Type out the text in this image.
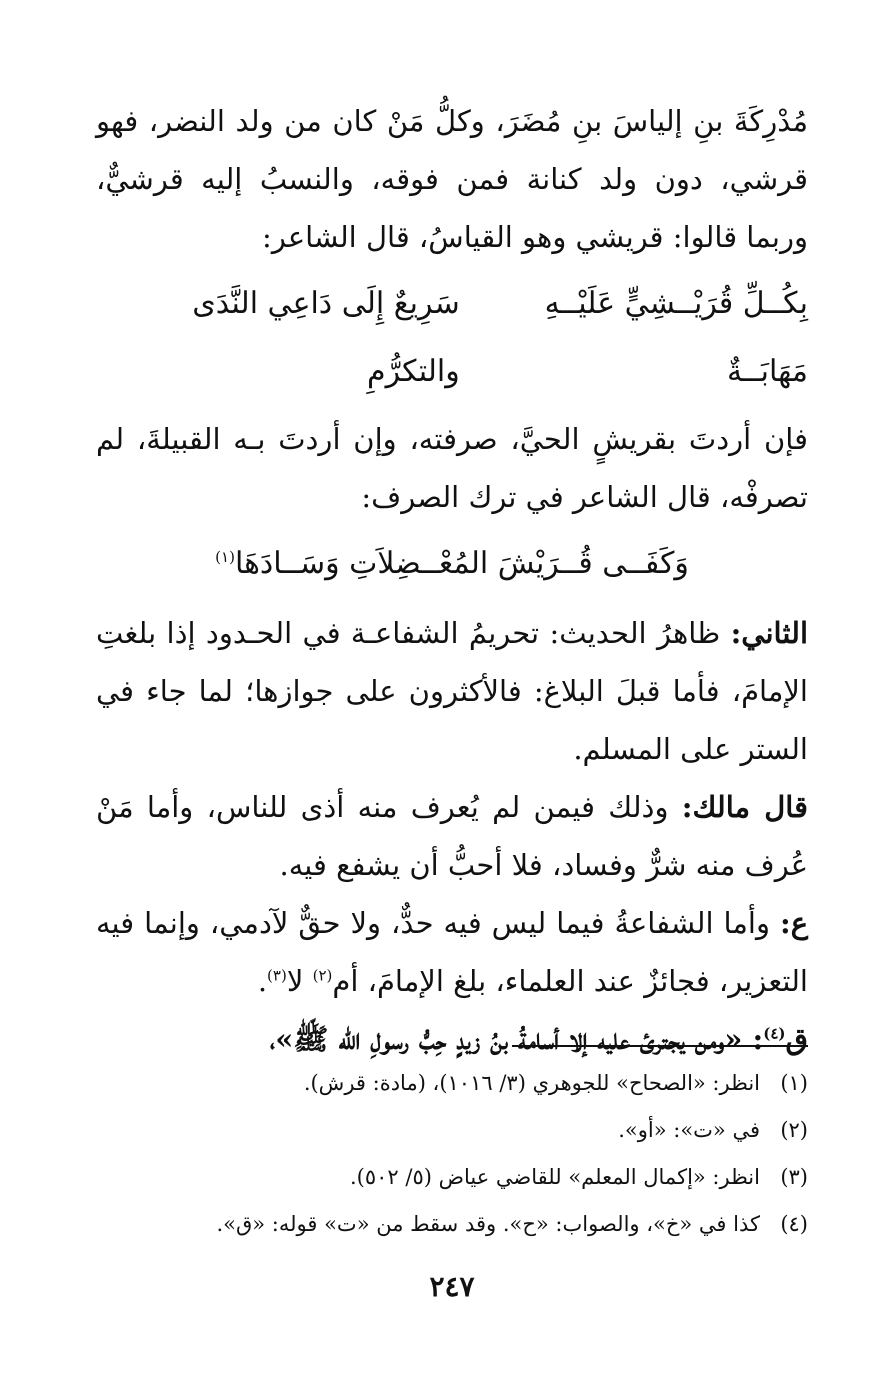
مُدْرِكَةَ بنِ إلياسَ بنِ مُضَرَ، وكلُّ مَنْ كان من ولد النضر، فهو قرشي، دون ولد كنانة فمن فوقه، والنسبُ إليه قرشيٌّ، وربما قالوا: قريشي وهو القياسُ، قال الشاعر:

بِكُــلِّ قُرَيْــشِيٍّ عَلَيْــهِ مَهَابَــةٌ
سَرِيعٌ إِلَى دَاعِي النَّدَى والتكرُّمِ

فإن أردتَ بقريشٍ الحيَّ، صرفته، وإن أردتَ بـه القبيلةَ، لم تصرفْه، قال الشاعر في ترك الصرف:

وَكَفَــى قُــرَيْشَ المُعْــضِلاَتِ وَسَــادَهَا$^{(١)}$

الثاني: ظاهرُ الحديث: تحريمُ الشفاعـة في الحـدود إذا بلغتِ الإمامَ، فأما قبلَ البلاغ: فالأكثرون على جوازها؛ لما جاء في الستر على المسلم.

قال مالك: وذلك فيمن لم يُعرف منه أذى للناس، وأما مَنْ عُرف منه شرٌّ وفساد، فلا أحبُّ أن يشفع فيه.

ع: وأما الشفاعةُ فيما ليس فيه حدٌّ، ولا حقٌّ لآدمي، وإنما فيه التعزير، فجائزٌ عند العلماء، بلغ الإمامَ، أم$^{(٢)}$ لا$^{(٣)}$.

ق$^{(٤)}$: «ومن يجترئ عليه إلا أسامةُ بنُ زيدٍ حِبُّ رسولِ الله ﷺ»،

(١)
انظر: «الصحاح» للجوهري (٣/ ١٠١٦)، (مادة: قرش).
(٢)
في «ت»: «أو».
(٣)
انظر: «إكمال المعلم» للقاضي عياض (٥/ ٥٠٢).
(٤)
كذا في «خ»، والصواب: «ح». وقد سقط من «ت» قوله: «ق».
٢٤٧
